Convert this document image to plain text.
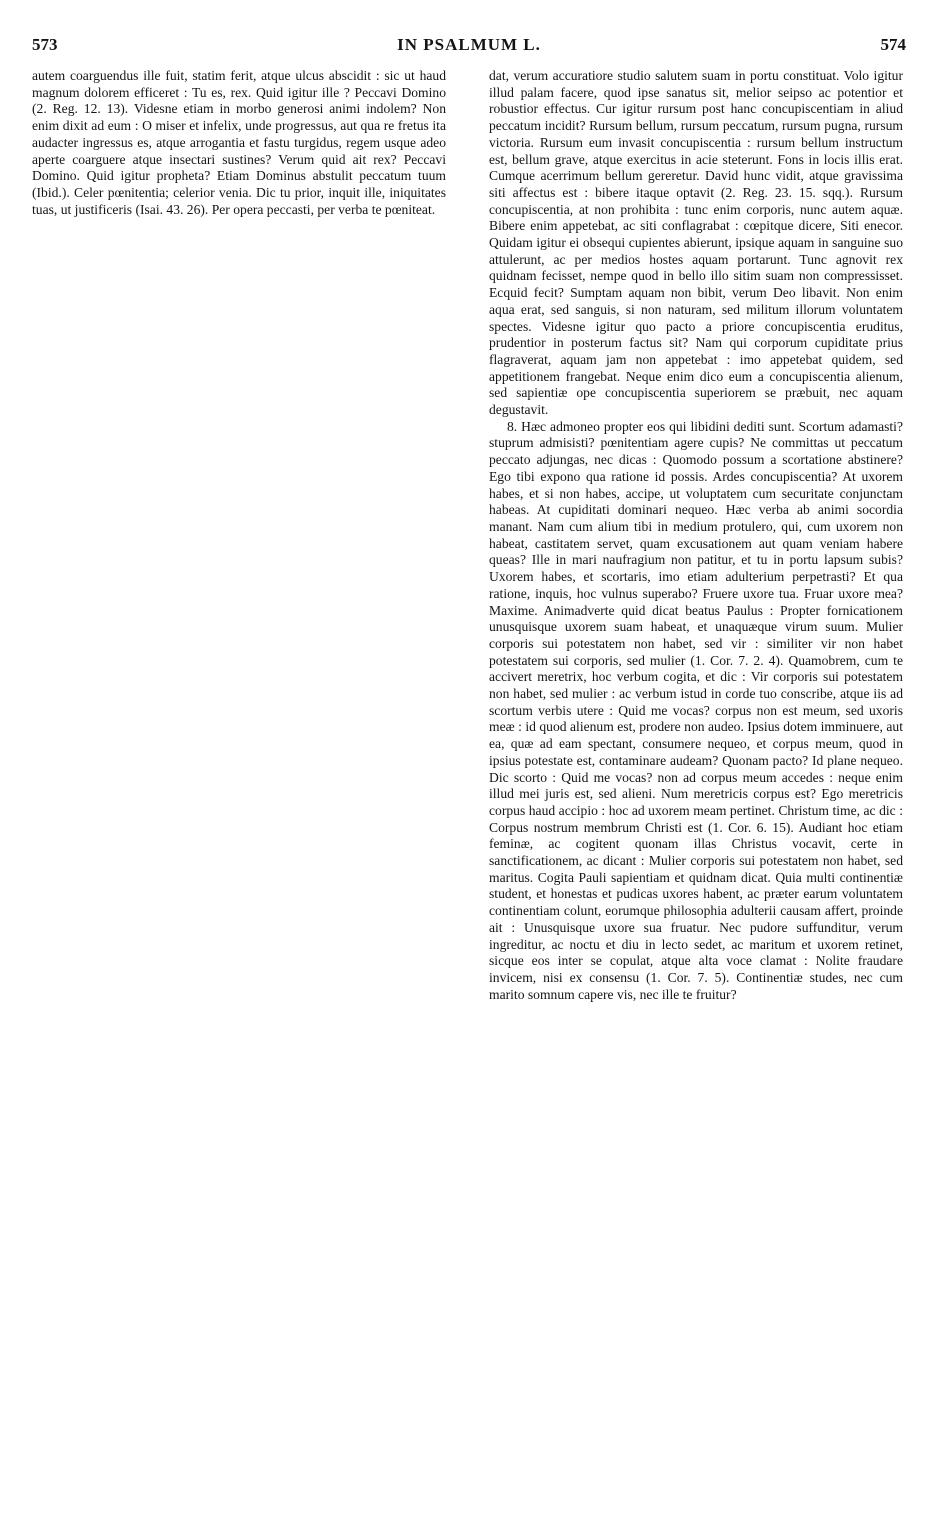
573	IN PSALMUM L.	574

autem coarguendus ille fuit, statim ferit, atque ulcus abscidit : sic ut haud magnum dolorem efficeret : Tu es, rex. Quid igitur ille ? Peccavi Domino (2. Reg. 12. 13). Videsne etiam in morbo generosi animi indolem? Non enim dixit ad eum : O miser et infelix, unde progressus, aut qua re fretus ita audacter ingressus es, atque arrogantia et fastu turgidus, regem usque adeo aperte coarguere atque insectari sustines? Verum quid ait rex? Peccavi Domino. Quid igitur propheta? Etiam Dominus abstulit peccatum tuum (Ibid.). Celer pœnitentia; celerior venia. Dic tu prior, inquit ille, iniquitates tuas, ut justificeris (Isai. 43. 26). Per opera peccasti, per verba te pœniteat.

dat, verum accuratiore studio salutem suam in portu constituat. Volo igitur illud palam facere, quod ipse sanatus sit, melior seipso ac potentior et robustior effectus. Cur igitur rursum post hanc concupiscentiam in aliud peccatum incidit? Rursum bellum, rursum peccatum, rursum pugna, rursum victoria. Rursum eum invasit concupiscentia : rursum bellum instructum est, bellum grave, atque exercitus in acie steterunt. Fons in locis illis erat. Cumque acerrimum bellum gereretur. David hunc vidit, atque gravissima siti affectus est : bibere itaque optavit (2. Reg. 23. 15. sqq.). Rursum concupiscentia, at non prohibita : tunc enim corporis, nunc autem aquæ. Bibere enim appetebat, ac siti conflagrabat : cœpitque dicere, Siti enecor. Quidam igitur ei obsequi cupientes abierunt, ipsique aquam in sanguine suo attulerunt, ac per medios hostes aquam portarunt. Tunc agnovit rex quidnam fecisset, nempe quod in bello illo sitim suam non compressisset. Ecquid fecit? Sumptam aquam non bibit, verum Deo libavit. Non enim aqua erat, sed sanguis, si non naturam, sed militum illorum voluntatem spectes. Videsne igitur quo pacto a priore concupiscentia eruditus, prudentior in posterum factus sit? Nam qui corporum cupiditate prius flagraverat, aquam jam non appetebat : imo appetebat quidem, sed appetitionem frangebat. Neque enim dico eum a concupiscentia alienum, sed sapientiæ ope concupiscentia superiorem se præbuit, nec aquam degustavit.

8. Hæc admoneo propter eos qui libidini dediti sunt. Scortum adamasti? stuprum admisisti? pœnitentiam agere cupis? Ne committas ut peccatum peccato adjungas, nec dicas : Quomodo possum a scortatione abstinere? Ego tibi expono qua ratione id possis. Ardes concupiscentia? At uxorem habes, et si non habes, accipe, ut voluptatem cum securitate conjunctam habeas. At cupiditati dominari nequeo. Hæc verba ab animi socordia manant. Nam cum alium tibi in medium protulero, qui, cum uxorem non habeat, castitatem servet, quam excusationem aut quam veniam habere queas? Ille in mari naufragium non patitur, et tu in portu lapsum subis? Uxorem habes, et scortaris, imo etiam adulterium perpetrasti? Et qua ratione, inquis, hoc vulnus superabo? Fruere uxore tua. Fruar uxore mea? Maxime. Animadverte quid dicat beatus Paulus : Propter fornicationem unusquisque uxorem suam habeat, et unaquæque virum suum. Mulier corporis sui potestatem non habet, sed vir : similiter vir non habet potestatem sui corporis, sed mulier (1. Cor. 7. 2. 4). Quamobrem, cum te accivert meretrix, hoc verbum cogita, et dic : Vir corporis sui potestatem non habet, sed mulier : ac verbum istud in corde tuo conscribe, atque iis ad scortum verbis utere : Quid me vocas? corpus non est meum, sed uxoris meæ : id quod alienum est, prodere non audeo. Ipsius dotem imminuere, aut ea, quæ ad eam spectant, consumere nequeo, et corpus meum, quod in ipsius potestate est, contaminare audeam? Quonam pacto? Id plane nequeo. Dic scorto : Quid me vocas? non ad corpus meum accedes : neque enim illud mei juris est, sed alieni. Num meretricis corpus est? Ego meretricis corpus haud accipio : hoc ad uxorem meam pertinet. Christum time, ac dic : Corpus nostrum membrum Christi est (1. Cor. 6. 15). Audiant hoc etiam feminæ, ac cogitent quonam illas Christus vocavit, certe in sanctificationem, ac dicant : Mulier corporis sui potestatem non habet, sed maritus. Cogita Pauli sapientiam et quidnam dicat. Quia multi continentiæ student, et honestas et pudicas uxores habent, ac præter earum voluntatem continentiam colunt, eorumque philosophia adulterii causam affert, proinde ait : Unusquisque uxore sua fruatur. Nec pudore suffunditur, verum ingreditur, ac noctu et diu in lecto sedet, ac maritum et uxorem retinet, sicque eos inter se copulat, atque alta voce clamat : Nolite fraudare invicem, nisi ex consensu (1. Cor. 7. 5). Continentiæ studes, nec cum marito somnum capere vis, nec ille te fruitur?
